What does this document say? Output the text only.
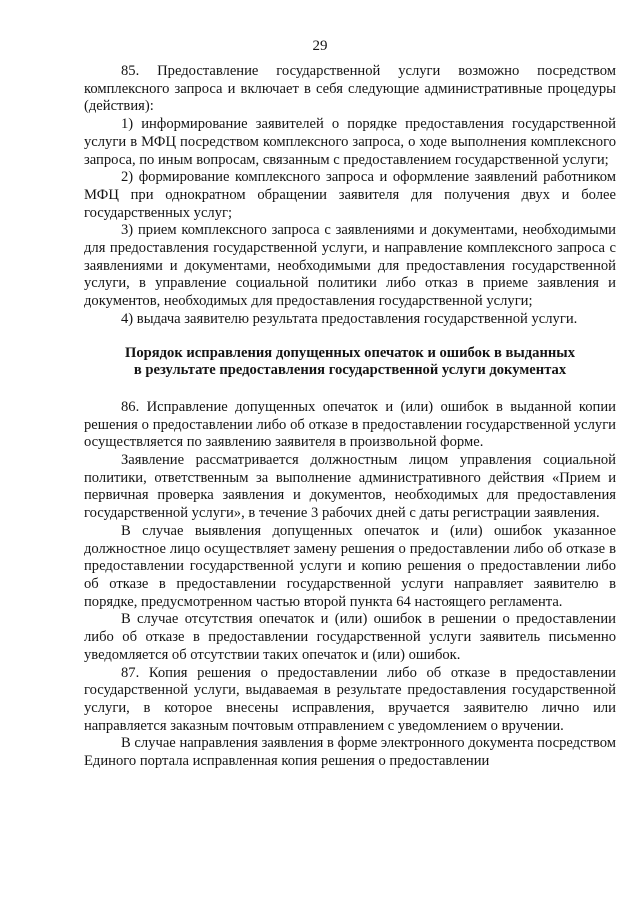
29

85. Предоставление государственной услуги возможно посредством комплексного запроса и включает в себя следующие административные процедуры (действия):

1) информирование заявителей о порядке предоставления государственной услуги в МФЦ посредством комплексного запроса, о ходе выполнения комплексного запроса, по иным вопросам, связанным с предоставлением государственной услуги;

2) формирование комплексного запроса и оформление заявлений работником МФЦ при однократном обращении заявителя для получения двух и более государственных услуг;

3) прием комплексного запроса с заявлениями и документами, необходимыми для предоставления государственной услуги, и направление комплексного запроса с заявлениями и документами, необходимыми для предоставления государственной услуги, в управление социальной политики либо отказ в приеме заявления и документов, необходимых для предоставления государственной услуги;

4) выдача заявителю результата предоставления государственной услуги.

Порядок исправления допущенных опечаток и ошибок в выданных

в результате предоставления государственной услуги документах

86. Исправление допущенных опечаток и (или) ошибок в выданной копии решения о предоставлении либо об отказе в предоставлении государственной услуги осуществляется по заявлению заявителя в произвольной форме.

Заявление рассматривается должностным лицом управления социальной политики, ответственным за выполнение административного действия «Прием и первичная проверка заявления и документов, необходимых для предоставления государственной услуги», в течение 3 рабочих дней с даты регистрации заявления.

В случае выявления допущенных опечаток и (или) ошибок указанное должностное лицо осуществляет замену решения о предоставлении либо об отказе в предоставлении государственной услуги и копию решения о предоставлении либо об отказе в предоставлении государственной услуги направляет заявителю в порядке, предусмотренном частью второй пункта 64 настоящего регламента.

В случае отсутствия опечаток и (или) ошибок в решении о предоставлении либо об отказе в предоставлении государственной услуги заявитель письменно уведомляется об отсутствии таких опечаток и (или) ошибок.

87. Копия решения о предоставлении либо об отказе в предоставлении государственной услуги, выдаваемая в результате предоставления государственной услуги, в которое внесены исправления, вручается заявителю лично или направляется заказным почтовым отправлением с уведомлением о вручении.

В случае направления заявления в форме электронного документа посредством Единого портала исправленная копия решения о предоставлении
